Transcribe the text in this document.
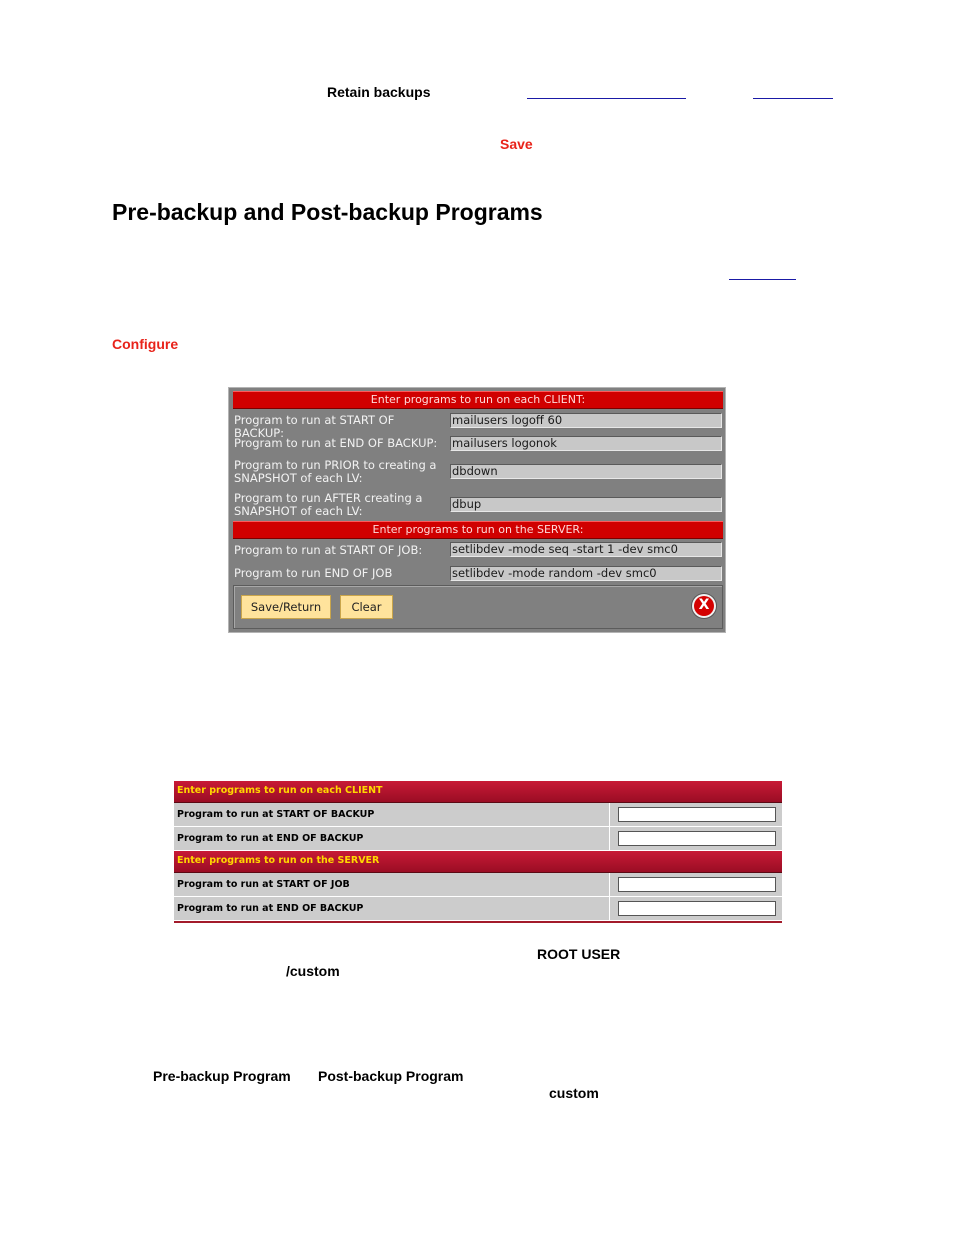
Retain backups
Save
Pre-backup and Post-backup Programs
Configure
Enter programs to run on each CLIENT:
Program to run at START OF BACKUP:
mailusers logoff 60
Program to run at END OF BACKUP:	mailusers logonok
Program to run PRIOR to creating a SNAPSHOT of each LV:	dbdown
Program to run AFTER creating a SNAPSHOT of each LV:	dbup
Enter programs to run on the SERVER:
Program to run at START OF JOB:	setlibdev -mode seq -start 1 -dev smc0
Program to run END OF JOB	setlibdev -mode random -dev smc0
Save/Return	Clear	X
Enter programs to run on each CLIENT
Program to run at START OF BACKUP
Program to run at END OF BACKUP
Enter programs to run on the SERVER
Program to run at START OF JOB
Program to run at END OF BACKUP
ROOT USER
/custom
Pre-backup Program Post-backup Program
custom
